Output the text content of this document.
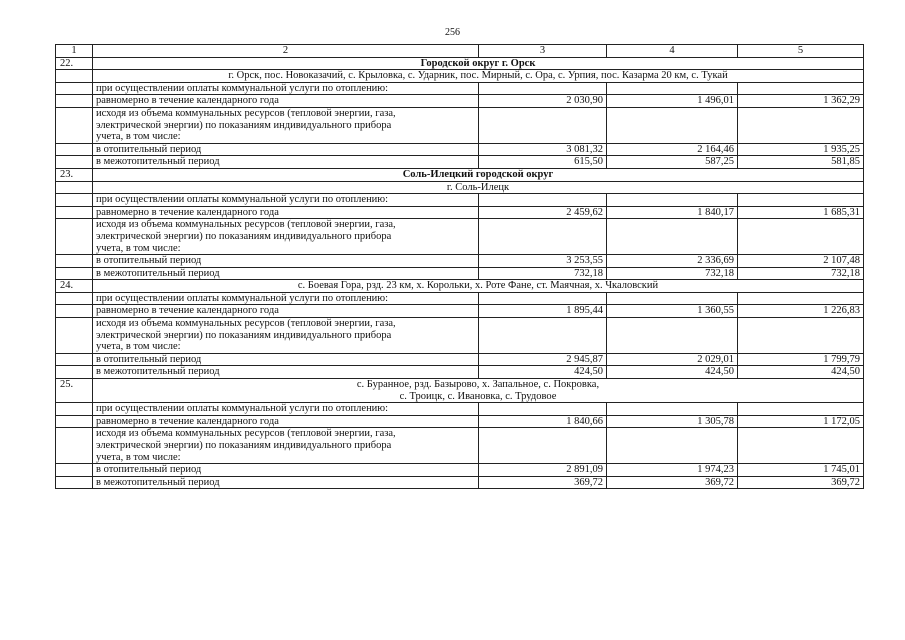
256
1	2	3	4	5
22.	Городской округ г. Орск			

	г. Орск, пос. Новоказачий, с. Крыловка, с. Ударник, пос. Мирный, с. Ора, с. Урпия, пос. Казарма 20 км, с. Тукай			

	при осуществлении оплаты коммунальной услуги по отоплению:			
	равномерно в течение календарного года	2 030,90	1 496,01	1 362,29

	исходя из объема коммунальных ресурсов (тепловой энергии, газа,
электрической энергии) по показаниям индивидуального прибора
учета, в том числе:			

	в отопительный период	3 081,32	2 164,46	1 935,25
	в межотопительный период	615,50	587,25	581,85
23.	Соль-Илецкий городской округ			

	г. Соль-Илецк			

	при осуществлении оплаты коммунальной услуги по отоплению:			
	равномерно в течение календарного года	2 459,62	1 840,17	1 685,31

	исходя из объема коммунальных ресурсов (тепловой энергии, газа,
электрической энергии) по показаниям индивидуального прибора
учета, в том числе:			

	в отопительный период	3 253,55	2 336,69	2 107,48
	в межотопительный период	732,18	732,18	732,18
24.	с. Боевая Гора, рзд. 23 км, х. Корольки, х. Роте Фане, ст. Маячная, х. Чкаловский			

	при осуществлении оплаты коммунальной услуги по отоплению:			
	равномерно в течение календарного года	1 895,44	1 360,55	1 226,83

	исходя из объема коммунальных ресурсов (тепловой энергии, газа,
электрической энергии) по показаниям индивидуального прибора
учета, в том числе:			

	в отопительный период	2 945,87	2 029,01	1 799,79
	в межотопительный период	424,50	424,50	424,50
25.	с. Буранное, рзд. Базырово, х. Запальное, с. Покровка,
с. Троицк, с. Ивановка, с. Трудовое			

	при осуществлении оплаты коммунальной услуги по отоплению:			
	равномерно в течение календарного года	1 840,66	1 305,78	1 172,05

	исходя из объема коммунальных ресурсов (тепловой энергии, газа,
электрической энергии) по показаниям индивидуального прибора
учета, в том числе:			

	в отопительный период	2 891,09	1 974,23	1 745,01
	в межотопительный период	369,72	369,72	369,72
